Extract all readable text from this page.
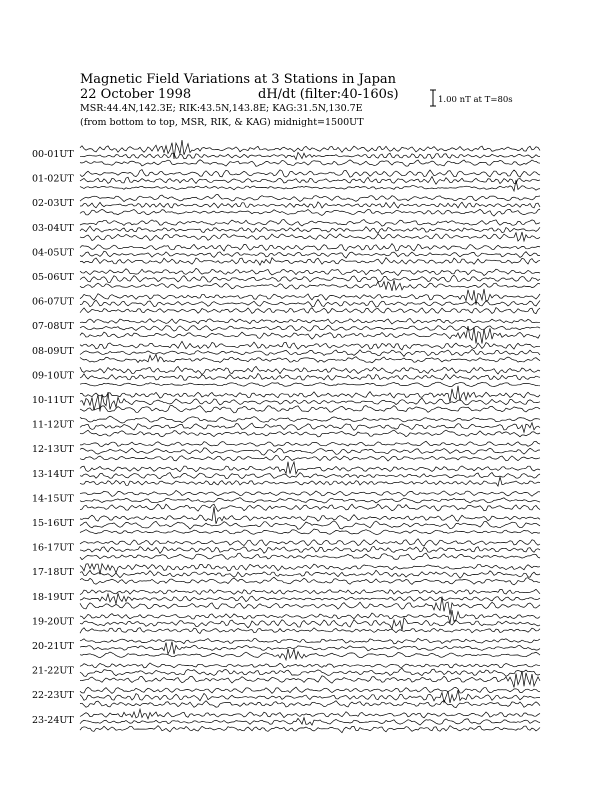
Magnetic Field Variations at 3 Stations in Japan
22 October 1998	dH/dt (filter:40-160s)
MSR:44.4N,142.3E; RIK:43.5N,143.8E; KAG:31.5N,130.7E
(from bottom to top, MSR, RIK, & KAG) midnight=1500UT
1.00 nT at T=80s
00-01UT
01-02UT
02-03UT
03-04UT
04-05UT
05-06UT
06-07UT
07-08UT
08-09UT
09-10UT
10-11UT
11-12UT
12-13UT
13-14UT
14-15UT
15-16UT
16-17UT
17-18UT
18-19UT
19-20UT
20-21UT
21-22UT
22-23UT
23-24UT
